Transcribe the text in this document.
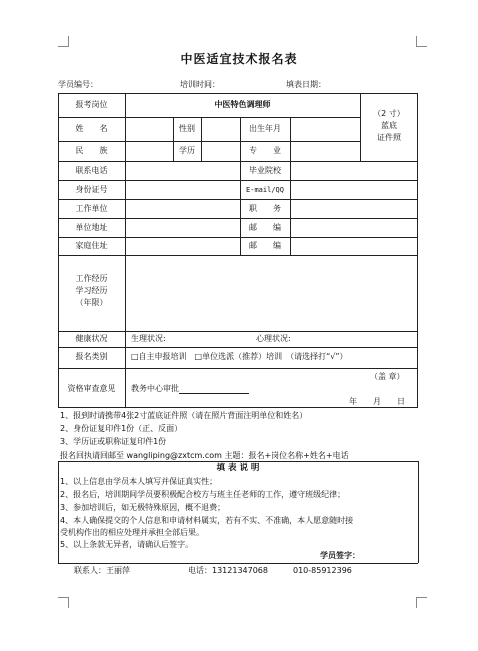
中医适宜技术报名表
学员编号：	培训时间：	填表日期：
报考岗位	中医特色调理师
（2 寸）
蓝底
证件照
姓　　名	性别	出生年月
民　　族	学历	专　　业
联系电话	毕业院校
身份证号	E-mail/QQ
工作单位	职　　务
单位地址	邮　　编
家庭住址	邮　　编
工作经历
学习经历
（年限）
健康状况	生理状况:	心理状况:
报名类别	□自主申报培训　□单位选派（推荐）培训　（请选择打“√”）
资格审查意见
（盖 章）
教务中心审批
年 月 日
1、报到时请携带4张2寸蓝底证件照（请在照片背面注明单位和姓名）
2、身份证复印件1份（正、反面）
3、学历证或职称证复印件1份
报名回执请回邮至 wangliping@zxtcm.com 主题：报名+岗位名称+姓名+电话
填 表 说 明
1、以上信息由学员本人填写并保证真实性；
2、报名后，培训期间学员要积极配合校方与班主任老师的工作，遵守班级纪律；
3、参加培训后，如无极特殊原因，概不退费；
4、本人确保提交的个人信息和申请材料属实，若有不实、不准确，本人愿意随时接
受机构作出的相应处理并承担全部后果。
5、以上条款无异者，请确认后签字。
学员签字：
联系人：王丽萍	电话：13121347068	010-85912396
